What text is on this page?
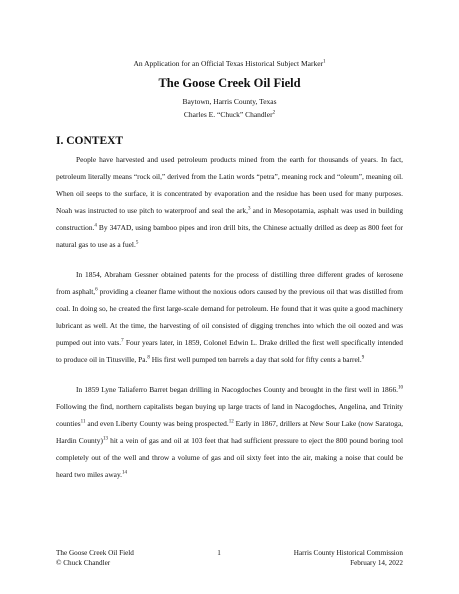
An Application for an Official Texas Historical Subject Marker$^1$
The Goose Creek Oil Field
Baytown, Harris County, Texas
Charles E. “Chuck” Chandler$^2$
I. CONTEXT

People have harvested and used petroleum products mined from the earth for thousands of years. In fact, petroleum literally means “rock oil,” derived from the Latin words “petra”, meaning rock and “oleum”, meaning oil. When oil seeps to the surface, it is concentrated by evaporation and the residue has been used for many purposes. Noah was instructed to use pitch to waterproof and seal the ark,$^3$ and in Mesopotamia, asphalt was used in building construction.$^4$ By 347AD, using bamboo pipes and iron drill bits, the Chinese actually drilled as deep as 800 feet for natural gas to use as a fuel.$^5$

In 1854, Abraham Gessner obtained patents for the process of distilling three different grades of kerosene from asphalt,$^6$ providing a cleaner flame without the noxious odors caused by the previous oil that was distilled from coal. In doing so, he created the first large-scale demand for petroleum. He found that it was quite a good machinery lubricant as well. At the time, the harvesting of oil consisted of digging trenches into which the oil oozed and was pumped out into vats.$^7$ Four years later, in 1859, Colonel Edwin L. Drake drilled the first well specifically intended to produce oil in Titusville, Pa.$^8$ His first well pumped ten barrels a day that sold for fifty cents a barrel.$^9$

In 1859 Lyne Taliaferro Barret began drilling in Nacogdoches County and brought in the first well in 1866.10 Following the find, northern capitalists began buying up large tracts of land in Nacogdoches, Angelina, and Trinity counties$^{11}$ and even Liberty County was being prospected.$^{12}$ Early in 1867, drillers at New Sour Lake (now Saratoga, Hardin County)$^{13}$ hit a vein of gas and oil at 103 feet that had sufficient pressure to eject the 800 pound boring tool completely out of the well and throw a volume of gas and oil sixty feet into the air, making a noise that could be heard two miles away.$^{14}$

The Goose Creek Oil Field
© Chuck Chandler
1	Harris County Historical Commission
February 14, 2022
